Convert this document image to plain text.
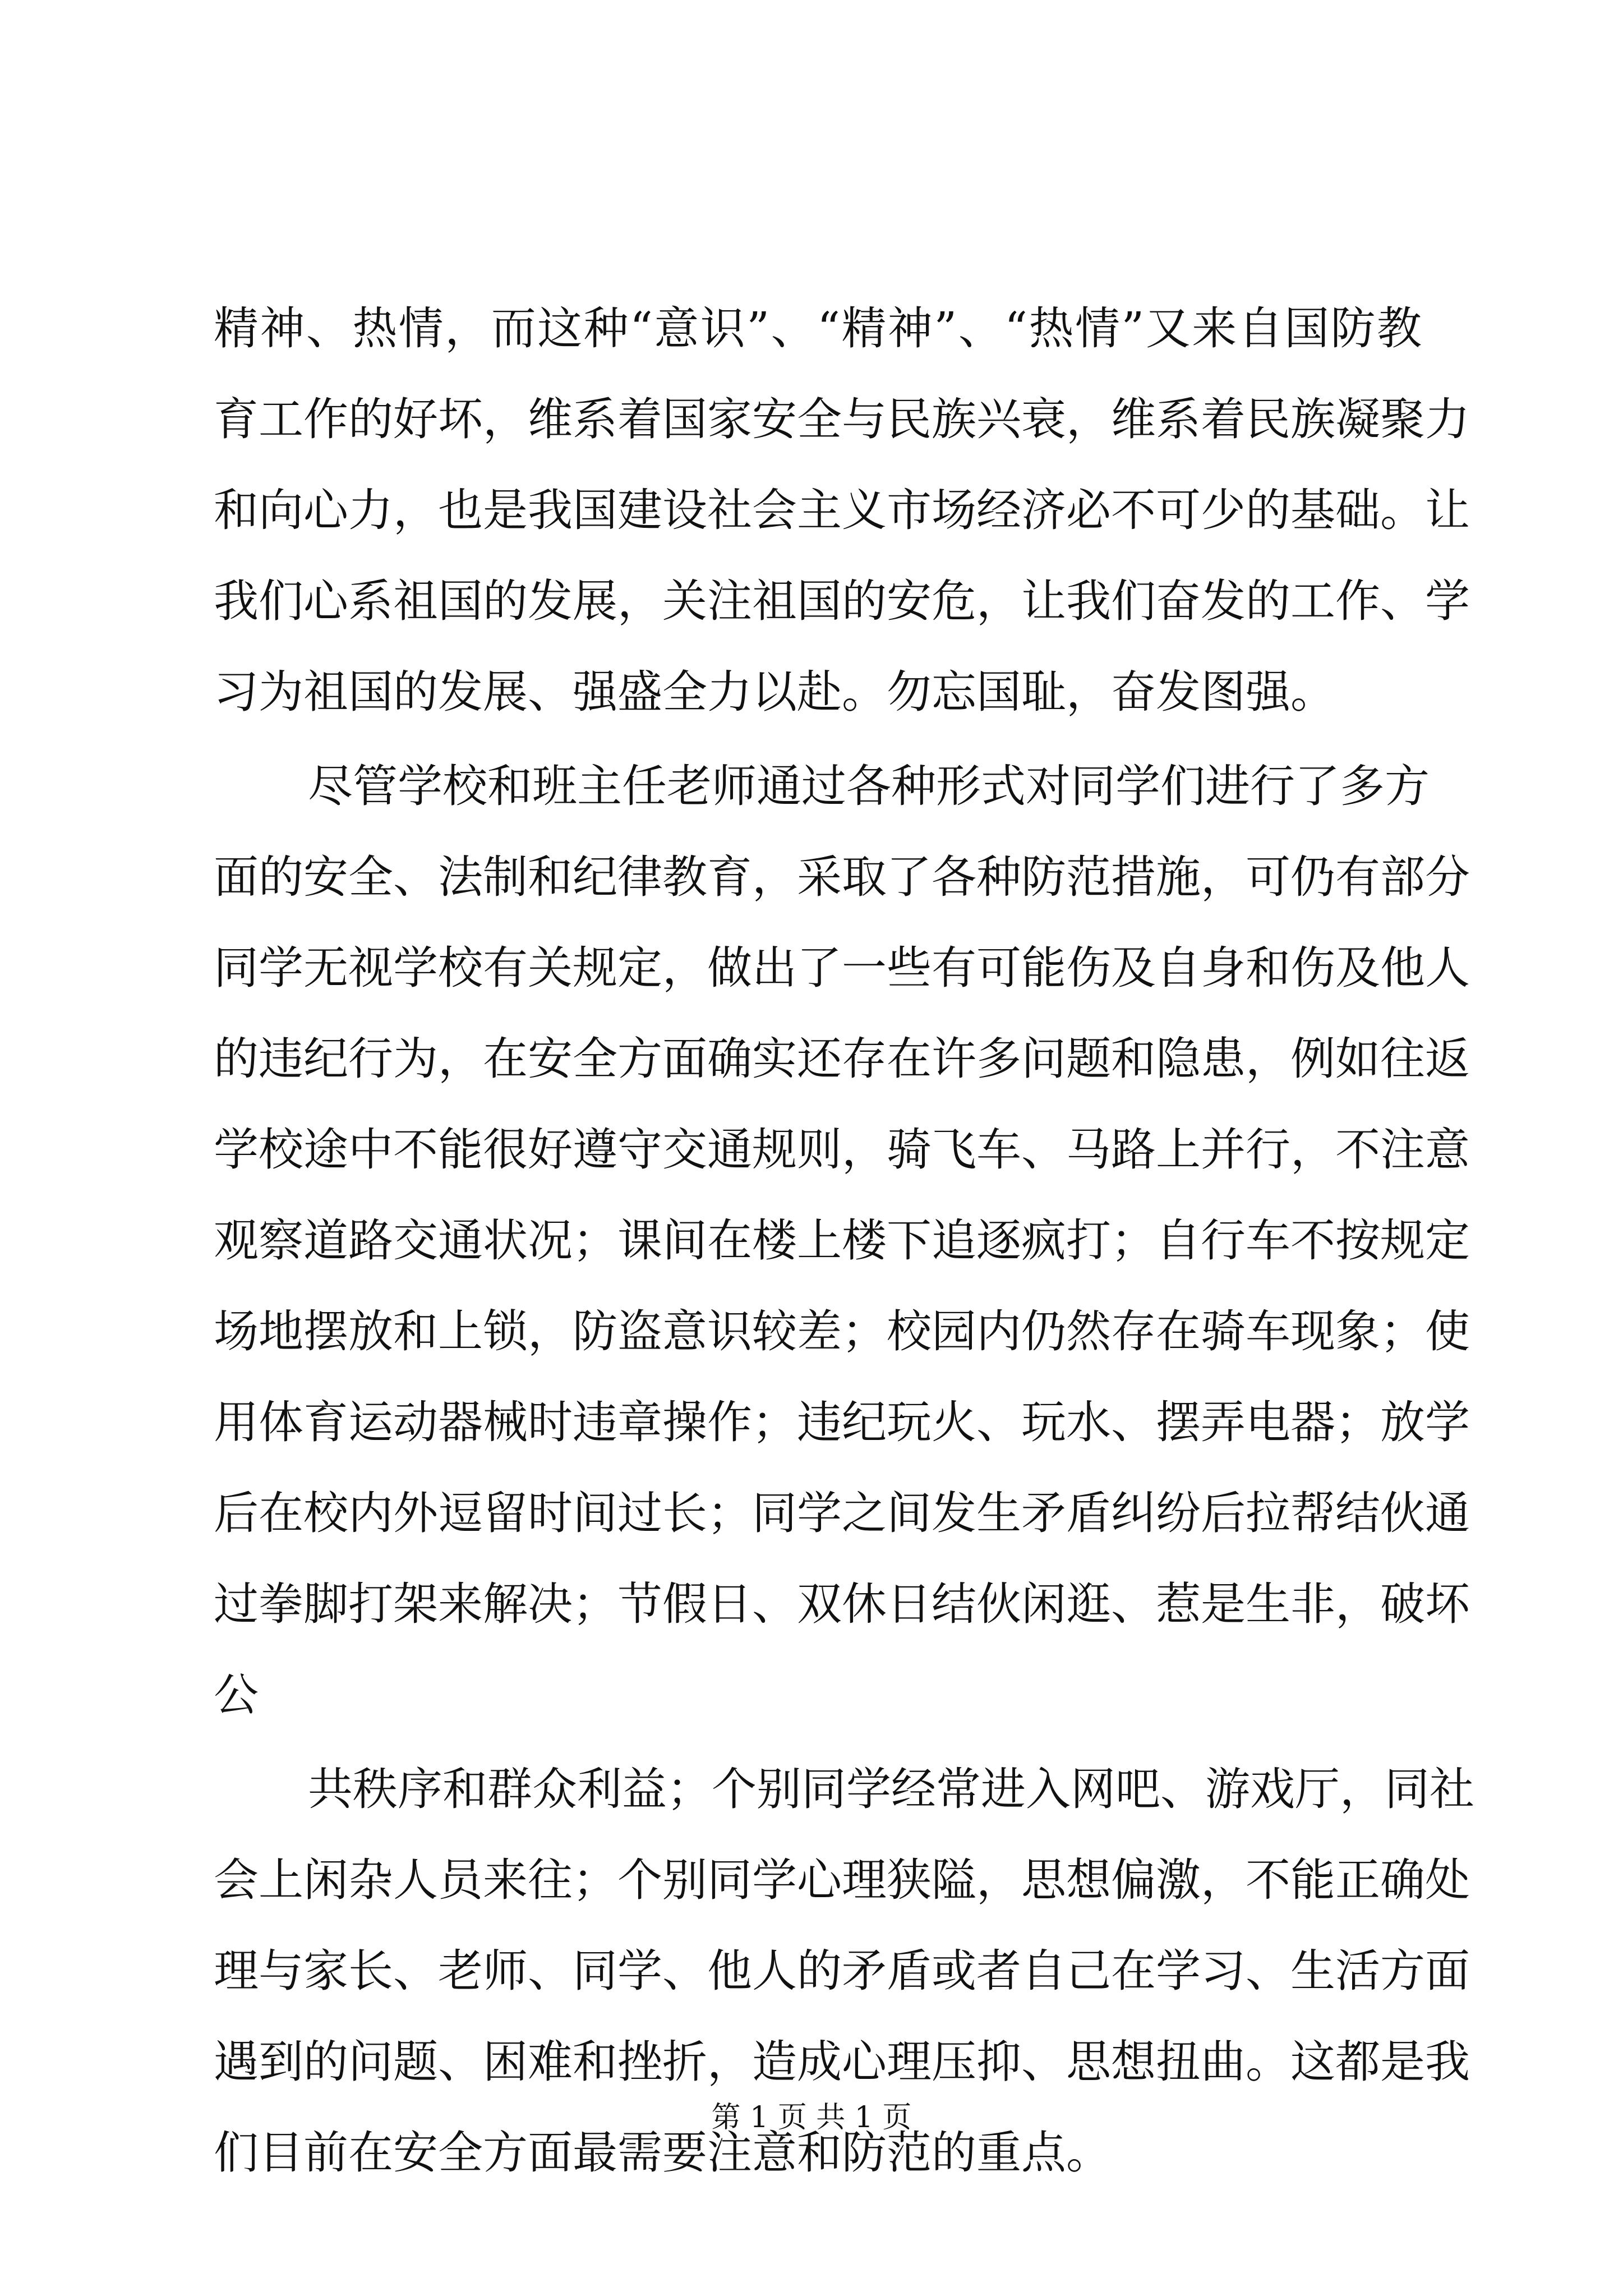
精神、热情，而这种“意识”、“精神”、“热情”又来自国防教
育工作的好坏，维系着国家安全与民族兴衰，维系着民族凝聚力
和向心力，也是我国建设社会主义市场经济必不可少的基础。让
我们心系祖国的发展，关注祖国的安危，让我们奋发的工作、学
习为祖国的发展、强盛全力以赴。勿忘国耻，奋发图强。
尽管学校和班主任老师通过各种形式对同学们进行了多方
面的安全、法制和纪律教育，采取了各种防范措施，可仍有部分
同学无视学校有关规定，做出了一些有可能伤及自身和伤及他人
的违纪行为，在安全方面确实还存在许多问题和隐患，例如往返
学校途中不能很好遵守交通规则，骑飞车、马路上并行，不注意
观察道路交通状况；课间在楼上楼下追逐疯打；自行车不按规定
场地摆放和上锁，防盗意识较差；校园内仍然存在骑车现象；使
用体育运动器械时违章操作；违纪玩火、玩水、摆弄电器；放学
后在校内外逗留时间过长；同学之间发生矛盾纠纷后拉帮结伙通
过拳脚打架来解决；节假日、双休日结伙闲逛、惹是生非，破坏
公
共秩序和群众利益；个别同学经常进入网吧、游戏厅，同社
会上闲杂人员来往；个别同学心理狭隘，思想偏激，不能正确处
理与家长、老师、同学、他人的矛盾或者自己在学习、生活方面
遇到的问题、困难和挫折，造成心理压抑、思想扭曲。这都是我
们目前在安全方面最需要注意和防范的重点。
第 1 页 共 1 页
